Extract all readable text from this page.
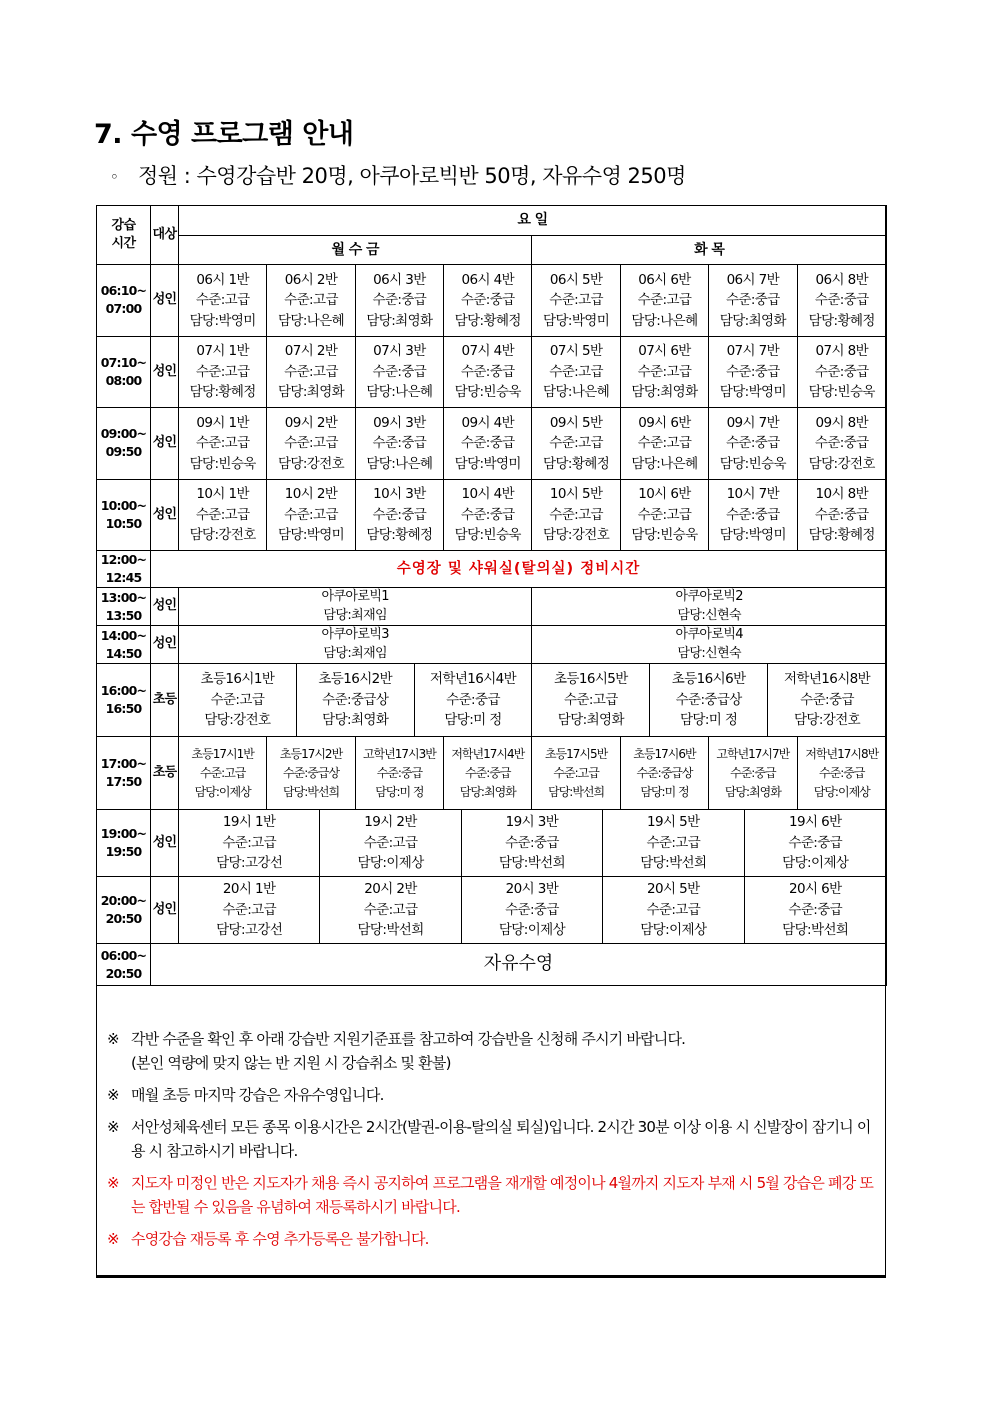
7. 수영 프로그램 안내
◦ 정원 : 수영강습반 20명, 아쿠아로빅반 50명, 자유수영 250명
강습
시간	대상	요 일															

		월 수 금								화 목							

06:10~
07:00	성인	06시 1반
수준:고급
담당:박영미	06시 2반
수준:고급
담당:나은혜			06시 3반
수준:중급
담당:최영화		06시 4반
수준:중급
담당:황혜정		06시 5반
수준:고급
담당:박영미		06시 6반
수준:고급
담당:나은혜		06시 7반
수준:중급
담당:최영화			06시 8반
수준:중급
담당:황혜정

07:10~
08:00	성인	07시 1반
수준:고급
담당:황혜정	07시 2반
수준:고급
담당:최영화			07시 3반
수준:중급
담당:나은혜		07시 4반
수준:중급
담당:빈승욱		07시 5반
수준:고급
담당:나은혜		07시 6반
수준:고급
담당:최영화		07시 7반
수준:중급
담당:박영미			07시 8반
수준:중급
담당:빈승욱

09:00~
09:50	성인	09시 1반
수준:고급
담당:빈승욱	09시 2반
수준:고급
담당:강전호			09시 3반
수준:중급
담당:나은혜		09시 4반
수준:중급
담당:박영미		09시 5반
수준:고급
담당:황혜정		09시 6반
수준:고급
담당:나은혜		09시 7반
수준:중급
담당:빈승욱			09시 8반
수준:중급
담당:강전호

10:00~
10:50	성인	10시 1반
수준:고급
담당:강전호	10시 2반
수준:고급
담당:박영미			10시 3반
수준:중급
담당:황혜정		10시 4반
수준:중급
담당:빈승욱		10시 5반
수준:고급
담당:강전호		10시 6반
수준:고급
담당:빈승욱		10시 7반
수준:중급
담당:박영미			10시 8반
수준:중급
담당:황혜정

12:00~
12:45	수영장 및 샤워실(탈의실) 정비시간																

13:00~
13:50	성인	아쿠아로빅1
담당:최재임								아쿠아로빅2
담당:신현숙							

14:00~
14:50	성인	아쿠아로빅3
담당:최재임								아쿠아로빅4
담당:신현숙							

16:00~
16:50	초등	초등16시1반
수준:고급
담당:강전호		초등16시2반
수준:중급상
담당:최영화			저학년16시4반
수준:중급
담당:미 정			초등16시5반
수준:고급
담당:최영화			초등16시6반
수준:중급상
담당:미 정			저학년16시8반
수준:중급
담당:강전호	

17:00~
17:50	초등	초등17시1반
수준:고급
담당:이제상	초등17시2반
수준:중급상
담당:박선희			고학년17시3반
수준:중급
담당:미 정		저학년17시4반
수준:중급
담당:최영화		초등17시5반
수준:고급
담당:박선희		초등17시6반
수준:중급상
담당:미 정		고학년17시7반
수준:중급
담당:최영화			저학년17시8반
수준:중급
담당:이제상

19:00~
19:50	성인	19시 1반
수준:고급
담당:고강선			19시 2반
수준:고급
담당:이제상				19시 3반
수준:중급
담당:박선희		19시 5반
수준:고급
담당:박선희				19시 6반
수준:중급
담당:이제상		

20:00~
20:50	성인	20시 1반
수준:고급
담당:고강선			20시 2반
수준:고급
담당:박선희				20시 3반
수준:중급
담당:이제상		20시 5반
수준:고급
담당:이제상				20시 6반
수준:중급
담당:박선희		

06:00~
20:50	자유수영																
※ 각반 수준을 확인 후 아래 강습반 지원기준표를 참고하여 강습반을 신청해 주시기 바랍니다.
(본인 역량에 맞지 않는 반 지원 시 강습취소 및 환불)
※ 매월 초등 마지막 강습은 자유수영입니다.
※ 서안성체육센터 모든 종목 이용시간은 2시간(발권-이용-탈의실 퇴실)입니다. 2시간 30분 이상 이용 시 신발장이 잠기니 이용 시 참고하시기 바랍니다.
※ 지도자 미정인 반은 지도자가 채용 즉시 공지하여 프로그램을 재개할 예정이나 4월까지 지도자 부재 시 5월 강습은 폐강 또는 합반될 수 있음을 유념하여 재등록하시기 바랍니다.
※ 수영강습 재등록 후 수영 추가등록은 불가합니다.
